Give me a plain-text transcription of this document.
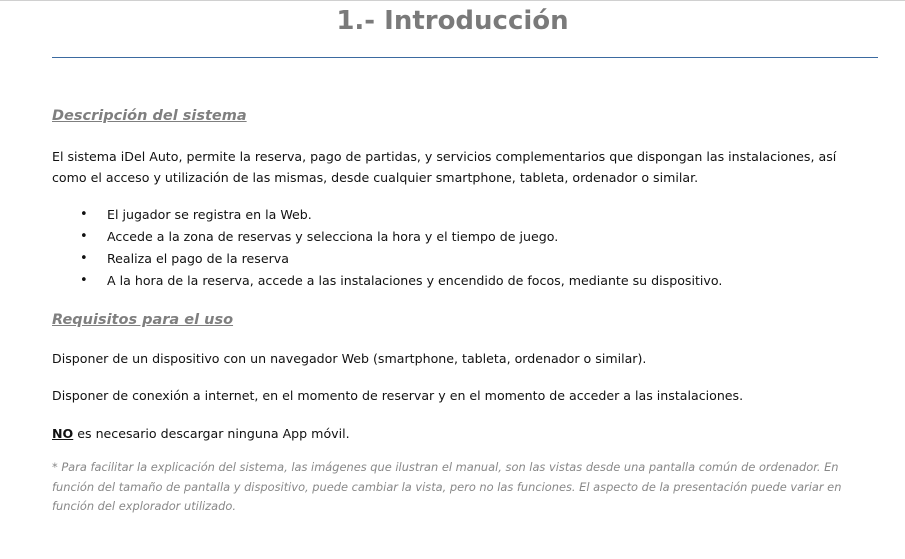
1.- Introducción
Descripción del sistema
El sistema iDel Auto, permite la reserva, pago de partidas, y servicios complementarios que dispongan las instalaciones, así
como el acceso y utilización de las mismas, desde cualquier smartphone, tableta, ordenador o similar.
• El jugador se registra en la Web.
• Accede a la zona de reservas y selecciona la hora y el tiempo de juego.
• Realiza el pago de la reserva
• A la hora de la reserva, accede a las instalaciones y encendido de focos, mediante su dispositivo.
Requisitos para el uso
Disponer de un dispositivo con un navegador Web (smartphone, tableta, ordenador o similar).
Disponer de conexión a internet, en el momento de reservar y en el momento de acceder a las instalaciones.
NO es necesario descargar ninguna App móvil.
* Para facilitar la explicación del sistema, las imágenes que ilustran el manual, son las vistas desde una pantalla común de ordenador. En
función del tamaño de pantalla y dispositivo, puede cambiar la vista, pero no las funciones. El aspecto de la presentación puede variar en
función del explorador utilizado.
